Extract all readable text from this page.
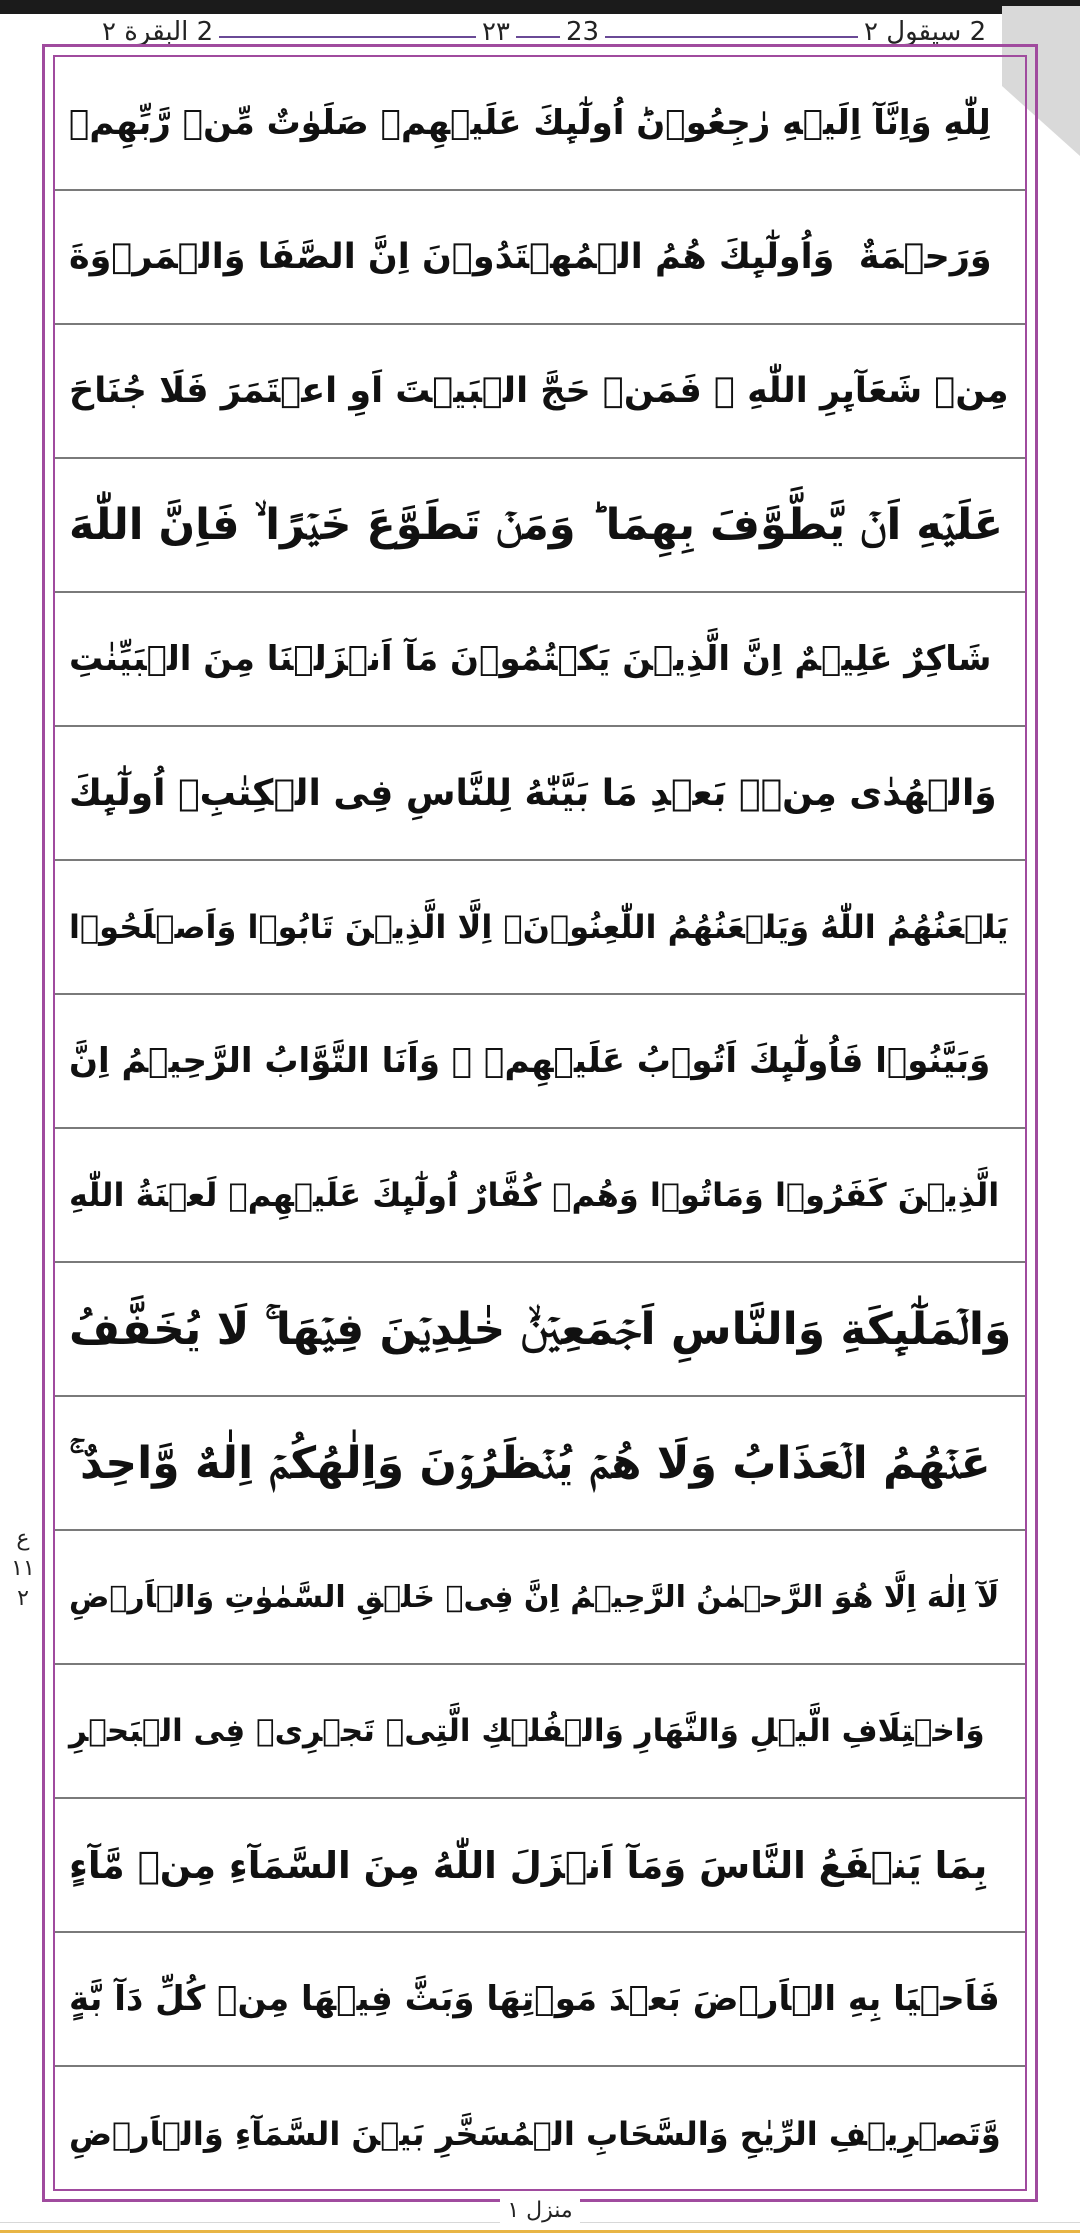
2 البقرة ٢	٢٣ 23	2 سیقول ٢
لِلّٰهِ وَاِنَّآ اِلَيۡهِ رٰجِعُوۡنَؕ اُولٰٓٮِٕكَ عَلَيۡهِمۡ صَلَوٰتٌ مِّنۡ رَّبِّهِمۡ
وَرَحۡمَةٌ ‌ وَاُولٰٓٮِٕكَ هُمُ الۡمُهۡتَدُوۡنَ اِنَّ الصَّفَا وَالۡمَرۡوَةَ
مِنۡ شَعَآٮِٕرِ اللّٰهِ ۚ فَمَنۡ حَجَّ الۡبَيۡتَ اَوِ اعۡتَمَرَ فَلَا جُنَاحَ
عَلَيۡهِ اَنۡ يَّطَّوَّفَ بِهِمَا ؕ وَمَنۡ تَطَوَّعَ خَيۡرًا ۙ فَاِنَّ اللّٰهَ
شَاكِرٌ عَلِيۡمٌ اِنَّ الَّذِيۡنَ يَكۡتُمُوۡنَ مَآ اَنۡزَلۡنَا مِنَ الۡبَيِّنٰتِ
وَالۡهُدٰى مِنۡۢ بَعۡدِ مَا بَيَّنّٰهُ لِلنَّاسِ فِى الۡكِتٰبِۙ اُولٰٓٮِٕكَ
يَلۡعَنُهُمُ اللّٰهُ وَيَلۡعَنُهُمُ اللّٰعِنُوۡنَۙ اِلَّا الَّذِيۡنَ تَابُوۡا وَاَصۡلَحُوۡا
وَبَيَّنُوۡا فَاُولٰٓٮِٕكَ اَتُوۡبُ عَلَيۡهِمۡ ۚ وَاَنَا التَّوَّابُ الرَّحِيۡمُ اِنَّ
الَّذِيۡنَ كَفَرُوۡا وَمَاتُوۡا وَهُمۡ كُفَّارٌ اُولٰٓٮِٕكَ عَلَيۡهِمۡ لَعۡنَةُ اللّٰهِ
وَالۡمَلٰٓٮِٕكَةِ وَالنَّاسِ اَجۡمَعِيۡنَۙ خٰلِدِيۡنَ فِيۡهَا ۚ لَا يُخَفَّفُ
عَنۡهُمُ الۡعَذَابُ وَلَا هُمۡ يُنۡظَرُوۡنَ وَاِلٰهُكُمۡ اِلٰهٌ وَّاحِدٌ ۚ
لَآ اِلٰهَ اِلَّا هُوَ الرَّحۡمٰنُ الرَّحِيۡمُ اِنَّ فِىۡ خَلۡقِ السَّمٰوٰتِ وَالۡاَرۡضِ
وَاخۡتِلَافِ الَّيۡلِ وَالنَّهَارِ وَالۡفُلۡكِ الَّتِىۡ تَجۡرِىۡ فِى الۡبَحۡرِ
بِمَا يَنۡفَعُ النَّاسَ وَمَآ اَنۡزَلَ اللّٰهُ مِنَ السَّمَآءِ مِنۡ مَّآءٍ
فَاَحۡيَا بِهِ الۡاَرۡضَ بَعۡدَ مَوۡتِهَا وَبَثَّ فِيۡهَا مِنۡ كُلِّ دَآ بَّةٍ
وَّتَصۡرِيۡفِ الرِّيٰحِ وَالسَّحَابِ الۡمُسَخَّرِ بَيۡنَ السَّمَآءِ وَالۡاَرۡضِ
ع ١١ ٢
منزل ١
